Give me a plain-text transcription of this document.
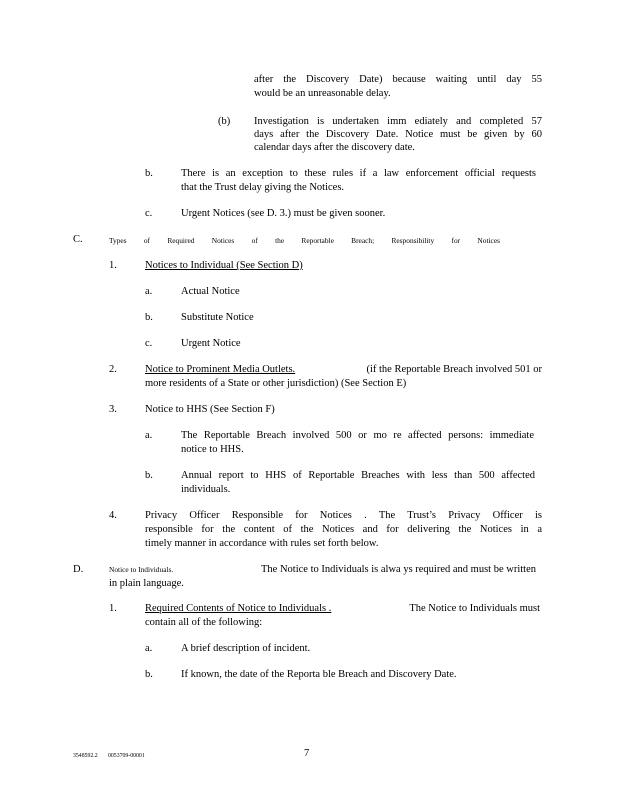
after the Discovery Date) because waiting until day 55
would be an unreasonable delay.
(b) Investigation is undertaken imm ediately and completed 57
days after the Discovery Date. Notice must be given by 60
calendar days after the discovery date.
b.	There is an exception to these rules if a law enforcement official requests
that the Trust delay giving the Notices.
c.	Urgent Notices (see D. 3.) must be given sooner.
C.	Types of Required Notices of the Reportable Breach; Responsibility for Notices
1.	Notices to Individual (See Section D)
a.	Actual Notice
b.	Substitute Notice
c.	Urgent Notice
2.	Notice to Prominent Media Outlets.	(if the Reportable Breach involved 501 or
more residents of a State or other jurisdiction) (See Section E)
3.	Notice to HHS (See Section F)
a.	The Reportable Breach involved 500 or mo re affected persons: immediate
notice to HHS.
b.	Annual report to HHS of Reportable Breaches with less than 500 affected
individuals.
4.	Privacy Officer Responsible for Notices . The Trust’s Privacy Officer is
responsible for the content of the Notices and for delivering the Notices in a
timely manner in accordance with rules set forth below.
D.	Notice to Individuals.	The Notice to Individuals is alwa ys required and must be written
in plain language.
1.	Required Contents of Notice to Individuals .	The Notice to Individuals must
contain all of the following:
a.	A brief description of incident.
b.	If known, the date of the Reporta ble Breach and Discovery Date.
3548592.2 0053709-00001	7
